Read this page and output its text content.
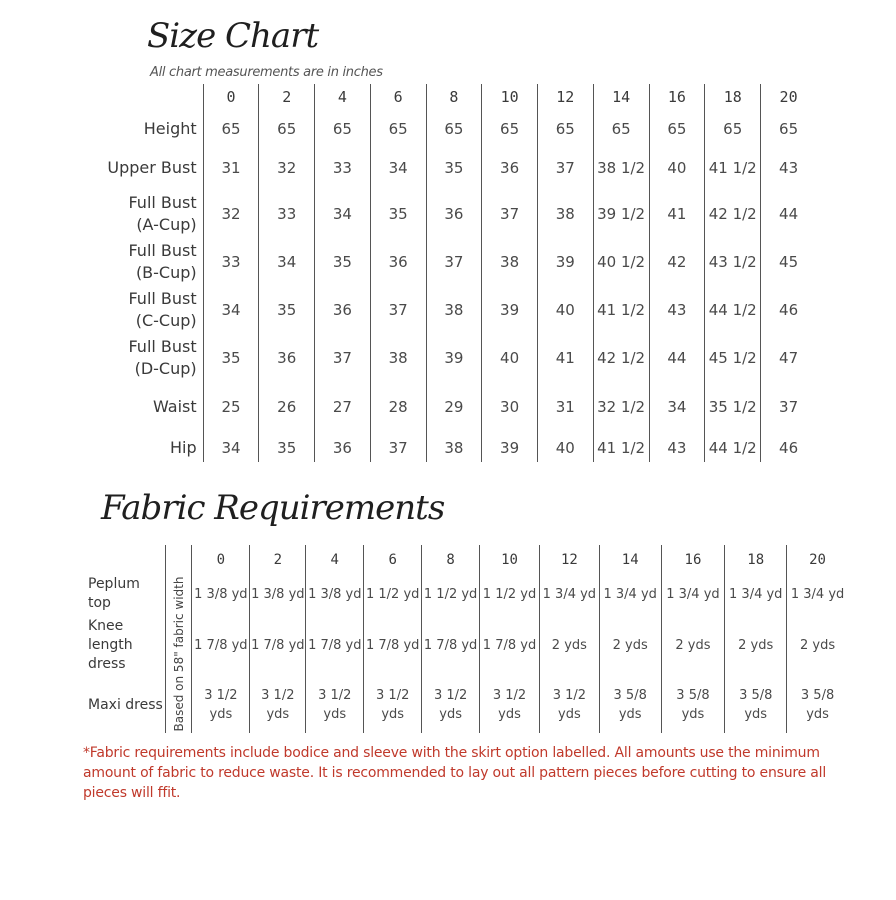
Size Chart
All chart measurements are in inches
	0	2	4	6	8	10	12	14	16	18	20
Height	65	65	65	65	65	65	65	65	65	65	65
Upper Bust	31	32	33	34	35	36	37	38 1/2	40	41 1/2	43
Full Bust
(A-Cup)	32	33	34	35	36	37	38	39 1/2	41	42 1/2	44
Full Bust
(B-Cup)	33	34	35	36	37	38	39	40 1/2	42	43 1/2	45
Full Bust
(C-Cup)	34	35	36	37	38	39	40	41 1/2	43	44 1/2	46
Full Bust
(D-Cup)	35	36	37	38	39	40	41	42 1/2	44	45 1/2	47
Waist	25	26	27	28	29	30	31	32 1/2	34	35 1/2	37
Hip	34	35	36	37	38	39	40	41 1/2	43	44 1/2	46
Fabric Requirements
		0	2	4	6	8	10	12	14	16	18	20
Peplum top	Based on 58" fabric width	1 3/8 yd	1 3/8 yd	1 3/8 yd	1 1/2 yd	1 1/2 yd	1 1/2 yd	1 3/4 yd	1 3/4 yd	1 3/4 yd	1 3/4 yd	1 3/4 yd
Knee length
dress		1 7/8 yd	1 7/8 yd	1 7/8 yd	1 7/8 yd	1 7/8 yd	1 7/8 yd	2 yds	2 yds	2 yds	2 yds	2 yds
Maxi dress		3 1/2
yds	3 1/2
yds	3 1/2
yds	3 1/2
yds	3 1/2
yds	3 1/2
yds	3 1/2
yds	3 5/8
yds	3 5/8
yds	3 5/8
yds	3 5/8
yds
*Fabric requirements include bodice and sleeve with the skirt option labelled. All amounts use the minimum amount of fabric to reduce waste. It is recommended to lay out all pattern pieces before cutting to ensure all pieces will ffit.
